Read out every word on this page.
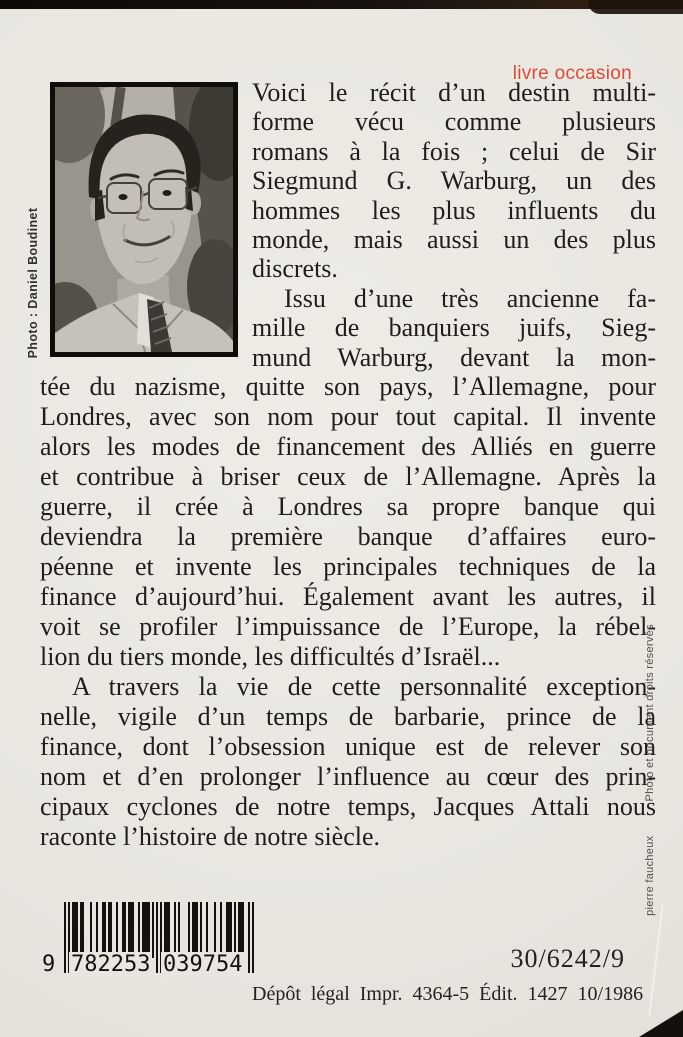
livre occasion
Photo : Daniel Boudinet
Voici le récit d’un destin multi-
forme vécu comme plusieurs
romans à la fois ; celui de Sir
Siegmund G. Warburg, un des
hommes les plus influents du
monde, mais aussi un des plus
discrets.
Issu d’une très ancienne fa-
mille de banquiers juifs, Sieg-
mund Warburg, devant la mon-
tée du nazisme, quitte son pays, l’Allemagne, pour
Londres, avec son nom pour tout capital. Il invente
alors les modes de financement des Alliés en guerre
et contribue à briser ceux de l’Allemagne. Après la
guerre, il crée à Londres sa propre banque qui
deviendra la première banque d’affaires euro-
péenne et invente les principales techniques de la
finance d’aujourd’hui. Également avant les autres, il
voit se profiler l’impuissance de l’Europe, la rébel-
lion du tiers monde, les difficultés d’Israël...
A travers la vie de cette personnalité exception-
nelle, vigile d’un temps de barbarie, prince de la
finance, dont l’obsession unique est de relever son
nom et d’en prolonger l’influence au cœur des prin-
cipaux cyclones de notre temps, Jacques Attali nous
raconte l’histoire de notre siècle.	pierre faucheux
Photo et document droits réservés
9 782253 039754	30/6242/9
Dépôt légal Impr. 4364-5 Édit. 1427 10/1986
